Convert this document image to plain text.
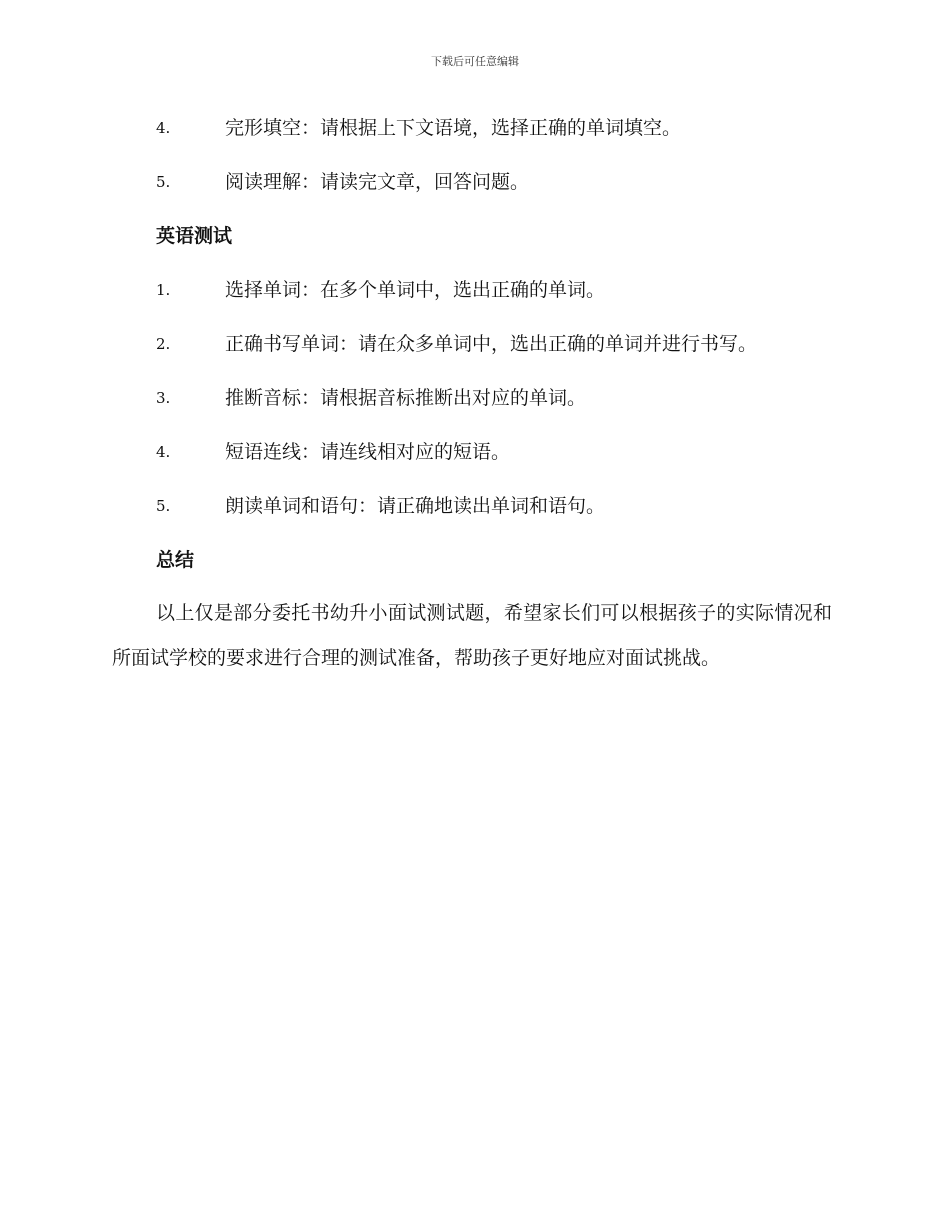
下载后可任意编辑
4.	完形填空：请根据上下文语境，选择正确的单词填空。
5.	阅读理解：请读完文章，回答问题。
英语测试
1.	选择单词：在多个单词中，选出正确的单词。
2.	正确书写单词：请在众多单词中，选出正确的单词并进行书写。
3.	推断音标：请根据音标推断出对应的单词。
4.	短语连线：请连线相对应的短语。
5.	朗读单词和语句：请正确地读出单词和语句。
总结
以上仅是部分委托书幼升小面试测试题，希望家长们可以根据孩子的实际情况和所面试学校的要求进行合理的测试准备，帮助孩子更好地应对面试挑战。
